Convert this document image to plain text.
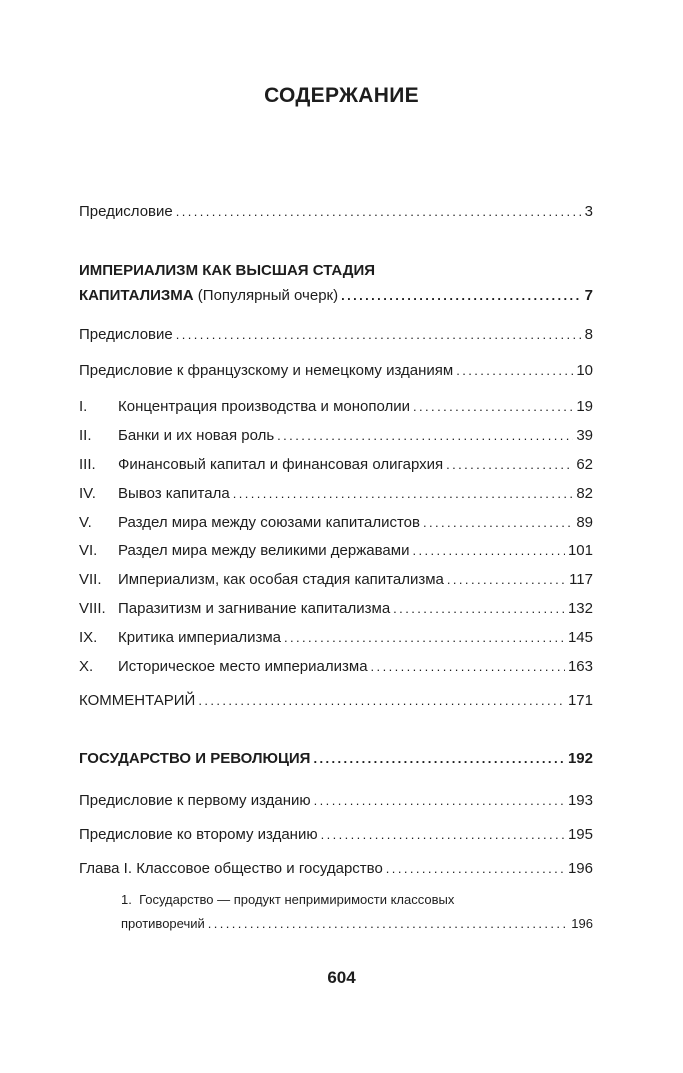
СОДЕРЖАНИЕ
Предисловие .....	3
ИМПЕРИАЛИЗМ КАК ВЫСШАЯ СТАДИЯ
КАПИТАЛИЗМА (Популярный очерк) .....	7
Предисловие .....	8
Предисловие к французскому и немецкому изданиям .....	10
I.	Концентрация производства и монополии .....	19
II.	Банки и их новая роль .....	39
III.	Финансовый капитал и финансовая олигархия .....	62
IV.	Вывоз капитала .....	82
V.	Раздел мира между союзами капиталистов .....	89
VI.	Раздел мира между великими державами .....	101
VII.	Империализм, как особая стадия капитализма .....	117
VIII. Паразитизм и загнивание капитализма .....	132
IX.	Критика империализма .....	145
X.	Историческое место империализма .....	163
КОММЕНТАРИЙ .....	171
ГОСУДАРСТВО И РЕВОЛЮЦИЯ .....	192
Предисловие к первому изданию .....	193
Предисловие ко второму изданию .....	195
Глава I. Классовое общество и государство .....	196
1.  Государство — продукт непримиримости классовых
противоречий .....	196
604
